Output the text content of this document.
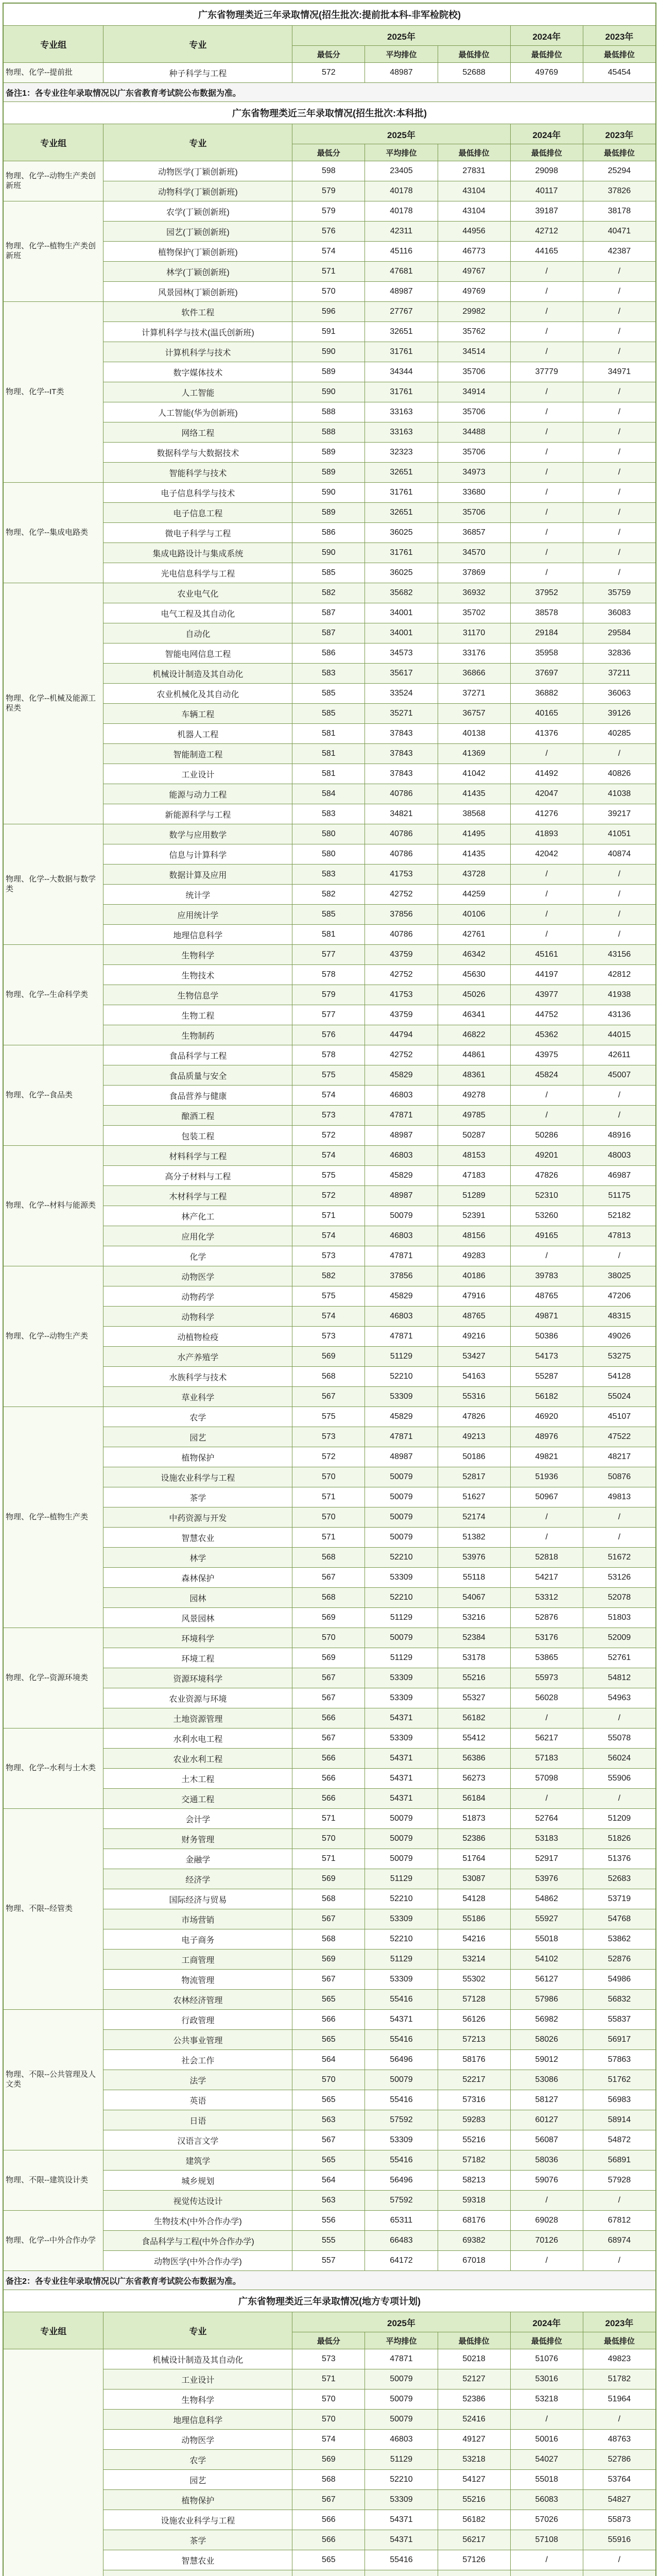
广东省物理类近三年录取情况(招生批次:提前批本科-非军检院校)						
专业组	专业	2025年			2024年	2023年
		最低分	平均排位	最低排位	最低排位	最低排位
物理、化学--提前批	种子科学与工程	572	48987	52688	49769	45454
备注1：各专业往年录取情况以广东省教育考试院公布数据为准。						
广东省物理类近三年录取情况(招生批次:本科批)						
专业组	专业	2025年			2024年	2023年
		最低分	平均排位	最低排位	最低排位	最低排位
物理、化学--动物生产类创新班	动物医学(丁颖创新班)	598	23405	27831	29098	25294
	动物科学(丁颖创新班)	579	40178	43104	40117	37826
物理、化学--植物生产类创新班	农学(丁颖创新班)	579	40178	43104	39187	38178
	园艺(丁颖创新班)	576	42311	44956	42712	40471
	植物保护(丁颖创新班)	574	45116	46773	44165	42387
	林学(丁颖创新班)	571	47681	49767	/	/
	风景园林(丁颖创新班)	570	48987	49769	/	/
物理、化学--IT类	软件工程	596	27767	29982	/	/
	计算机科学与技术(温氏创新班)	591	32651	35762	/	/
	计算机科学与技术	590	31761	34514	/	/
	数字媒体技术	589	34344	35706	37779	34971
	人工智能	590	31761	34914	/	/
	人工智能(华为创新班)	588	33163	35706	/	/
	网络工程	588	33163	34488	/	/
	数据科学与大数据技术	589	32323	35706	/	/
	智能科学与技术	589	32651	34973	/	/
物理、化学--集成电路类	电子信息科学与技术	590	31761	33680	/	/
	电子信息工程	589	32651	35706	/	/
	微电子科学与工程	586	36025	36857	/	/
	集成电路设计与集成系统	590	31761	34570	/	/
	光电信息科学与工程	585	36025	37869	/	/
物理、化学--机械及能源工程类	农业电气化	582	35682	36932	37952	35759
	电气工程及其自动化	587	34001	35702	38578	36083
	自动化	587	34001	31170	29184	29584
	智能电网信息工程	586	34573	33176	35958	32836
	机械设计制造及其自动化	583	35617	36866	37697	37211
	农业机械化及其自动化	585	33524	37271	36882	36063
	车辆工程	585	35271	36757	40165	39126
	机器人工程	581	37843	40138	41376	40285
	智能制造工程	581	37843	41369	/	/
	工业设计	581	37843	41042	41492	40826
	能源与动力工程	584	40786	41435	42047	41038
	新能源科学与工程	583	34821	38568	41276	39217
物理、化学--大数据与数学类	数学与应用数学	580	40786	41495	41893	41051
	信息与计算科学	580	40786	41435	42042	40874
	数据计算及应用	583	41753	43728	/	/
	统计学	582	42752	44259	/	/
	应用统计学	585	37856	40106	/	/
	地理信息科学	581	40786	42761	/	/
物理、化学--生命科学类	生物科学	577	43759	46342	45161	43156
	生物技术	578	42752	45630	44197	42812
	生物信息学	579	41753	45026	43977	41938
	生物工程	577	43759	46341	44752	43136
	生物制药	576	44794	46822	45362	44015
物理、化学--食品类	食品科学与工程	578	42752	44861	43975	42611
	食品质量与安全	575	45829	48361	45824	45007
	食品营养与健康	574	46803	49278	/	/
	酿酒工程	573	47871	49785	/	/
	包装工程	572	48987	50287	50286	48916
物理、化学--材料与能源类	材料科学与工程	574	46803	48153	49201	48003
	高分子材料与工程	575	45829	47183	47826	46987
	木材科学与工程	572	48987	51289	52310	51175
	林产化工	571	50079	52391	53260	52182
	应用化学	574	46803	48156	49165	47813
	化学	573	47871	49283	/	/
物理、化学--动物生产类	动物医学	582	37856	40186	39783	38025
	动物药学	575	45829	47916	48765	47206
	动物科学	574	46803	48765	49871	48315
	动植物检疫	573	47871	49216	50386	49026
	水产养殖学	569	51129	53427	54173	53275
	水族科学与技术	568	52210	54163	55287	54128
	草业科学	567	53309	55316	56182	55024
物理、化学--植物生产类	农学	575	45829	47826	46920	45107
	园艺	573	47871	49213	48976	47522
	植物保护	572	48987	50186	49821	48217
	设施农业科学与工程	570	50079	52817	51936	50876
	茶学	571	50079	51627	50967	49813
	中药资源与开发	570	50079	52174	/	/
	智慧农业	571	50079	51382	/	/
	林学	568	52210	53976	52818	51672
	森林保护	567	53309	55118	54217	53126
	园林	568	52210	54067	53312	52078
	风景园林	569	51129	53216	52876	51803
物理、化学--资源环境类	环境科学	570	50079	52384	53176	52009
	环境工程	569	51129	53178	53865	52761
	资源环境科学	567	53309	55216	55973	54812
	农业资源与环境	567	53309	55327	56028	54963
	土地资源管理	566	54371	56182	/	/
物理、化学--水利与土木类	水利水电工程	567	53309	55412	56217	55078
	农业水利工程	566	54371	56386	57183	56024
	土木工程	566	54371	56273	57098	55906
	交通工程	566	54371	56184	/	/
物理、不限--经管类	会计学	571	50079	51873	52764	51209
	财务管理	570	50079	52386	53183	51826
	金融学	571	50079	51764	52917	51376
	经济学	569	51129	53087	53976	52683
	国际经济与贸易	568	52210	54128	54862	53719
	市场营销	567	53309	55186	55927	54768
	电子商务	568	52210	54216	55018	53862
	工商管理	569	51129	53214	54102	52876
	物流管理	567	53309	55302	56127	54986
	农林经济管理	565	55416	57128	57986	56832
物理、不限--公共管理及人文类	行政管理	566	54371	56126	56982	55837
	公共事业管理	565	55416	57213	58026	56917
	社会工作	564	56496	58176	59012	57863
	法学	570	50079	52217	53086	51762
	英语	565	55416	57316	58127	56983
	日语	563	57592	59283	60127	58914
	汉语言文学	567	53309	55216	56087	54872
物理、不限--建筑设计类	建筑学	565	55416	57182	58036	56891
	城乡规划	564	56496	58213	59076	57928
	视觉传达设计	563	57592	59318	/	/
物理、化学--中外合作办学	生物技术(中外合作办学)	556	65311	68176	69028	67812
	食品科学与工程(中外合作办学)	555	66483	69382	70126	68974
	动物医学(中外合作办学)	557	64172	67018	/	/
备注2：各专业往年录取情况以广东省教育考试院公布数据为准。						
广东省物理类近三年录取情况(地方专项计划)						
专业组	专业	2025年			2024年	2023年
		最低分	平均排位	最低排位	最低排位	最低排位
	机械设计制造及其自动化	573	47871	50218	51076	49823
	工业设计	571	50079	52127	53016	51782
	生物科学	570	50079	52386	53218	51964
	地理信息科学	570	50079	52416	/	/
	动物医学	574	46803	49127	50016	48763
	农学	569	51129	53218	54027	52786
	园艺	568	52210	54127	55018	53764
	植物保护	567	53309	55216	56083	54827
	设施农业科学与工程	566	54371	56182	57026	55873
	茶学	566	54371	56217	57108	55916
	智慧农业	565	55416	57126	/	/
